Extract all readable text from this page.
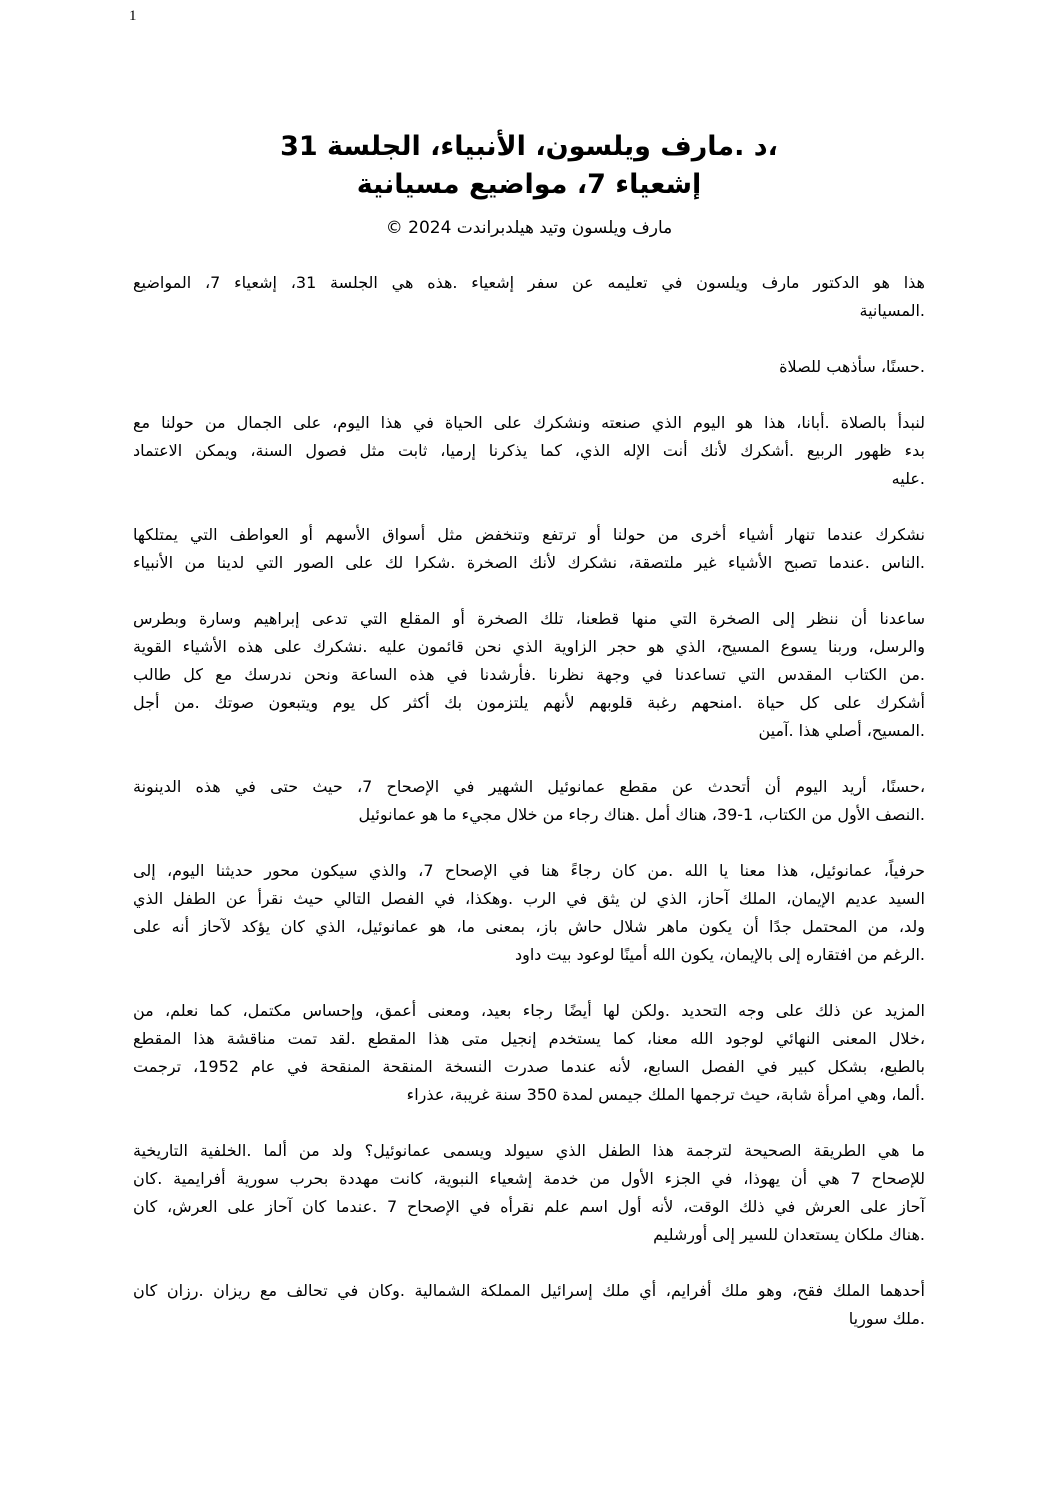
1
،د .مارف ويلسون، الأنبياء، الجلسة 31
إشعياء 7، مواضيع مسيانية
مارف ويلسون وتيد هيلدبراندت 2024 ©
هذا هو الدكتور مارف ويلسون في تعليمه عن سفر إشعياء .هذه هي الجلسة 31، إشعياء 7، المواضيع
.المسيانية
.حسنًا، سأذهب للصلاة
لنبدأ بالصلاة .أبانا، هذا هو اليوم الذي صنعته ونشكرك على الحياة في هذا اليوم، على الجمال من حولنا مع
بدء ظهور الربيع .أشكرك لأنك أنت الإله الذي، كما يذكرنا إرميا، ثابت مثل فصول السنة، ويمكن الاعتماد
.عليه
نشكرك عندما تنهار أشياء أخرى من حولنا أو ترتفع وتنخفض مثل أسواق الأسهم أو العواطف التي يمتلكها
.الناس .عندما تصبح الأشياء غير ملتصقة، نشكرك لأنك الصخرة .شكرا لك على الصور التي لدينا من الأنبياء
ساعدنا أن ننظر إلى الصخرة التي منها قطعنا، تلك الصخرة أو المقلع التي تدعى إبراهيم وسارة وبطرس
والرسل، وربنا يسوع المسيح، الذي هو حجر الزاوية الذي نحن قائمون عليه .نشكرك على هذه الأشياء القوية
.من الكتاب المقدس التي تساعدنا في وجهة نظرنا .فأرشدنا في هذه الساعة ونحن ندرسك مع كل طالب
أشكرك على كل حياة .امنحهم رغبة قلوبهم لأنهم يلتزمون بك أكثر كل يوم ويتبعون صوتك .من أجل
.المسيح، أصلي هذا .آمين
،حسنًا، أريد اليوم أن أتحدث عن مقطع عمانوئيل الشهير في الإصحاح 7، حيث حتى في هذه الدينونة
.النصف الأول من الكتاب، 1-39، هناك أمل .هناك رجاء من خلال مجيء ما هو عمانوئيل
حرفياً، عمانوئيل، هذا معنا يا الله .من كان رجاءً هنا في الإصحاح 7، والذي سيكون محور حديثنا اليوم، إلى
السيد عديم الإيمان، الملك آحاز، الذي لن يثق في الرب .وهكذا، في الفصل التالي حيث نقرأ عن الطفل الذي
ولد، من المحتمل جدًا أن يكون ماهر شلال حاش باز، بمعنى ما، هو عمانوئيل، الذي كان يؤكد لآحاز أنه على
.الرغم من افتقاره إلى بالإيمان، يكون الله أمينًا لوعود بيت داود
المزيد عن ذلك على وجه التحديد .ولكن لها أيضًا رجاء بعيد، ومعنى أعمق، وإحساس مكتمل، كما نعلم، من
،خلال المعنى النهائي لوجود الله معنا، كما يستخدم إنجيل متى هذا المقطع .لقد تمت مناقشة هذا المقطع
بالطبع، بشكل كبير في الفصل السابع، لأنه عندما صدرت النسخة المنقحة المنقحة في عام 1952، ترجمت
.ألما، وهي امرأة شابة، حيث ترجمها الملك جيمس لمدة 350 سنة غريبة، عذراء
ما هي الطريقة الصحيحة لترجمة هذا الطفل الذي سيولد ويسمى عمانوئيل؟ ولد من ألما .الخلفية التاريخية
للإصحاح 7 هي أن يهوذا، في الجزء الأول من خدمة إشعياء النبوية، كانت مهددة بحرب سورية أفرايمية .كان
آحاز على العرش في ذلك الوقت، لأنه أول اسم علم نقرأه في الإصحاح 7 .عندما كان آحاز على العرش، كان
.هناك ملكان يستعدان للسير إلى أورشليم
أحدهما الملك فقح، وهو ملك أفرايم، أي ملك إسرائيل المملكة الشمالية .وكان في تحالف مع ريزان .رزان كان
.ملك سوريا
